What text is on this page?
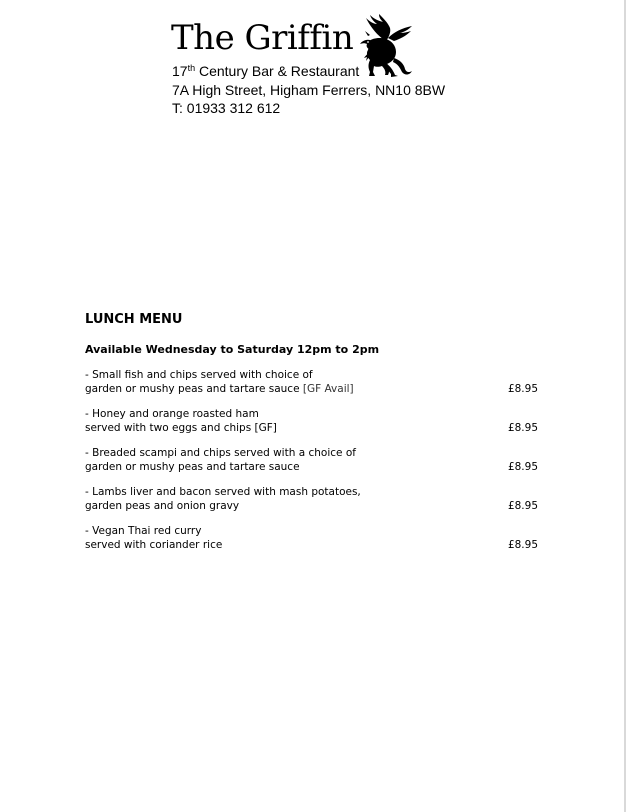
The Griffin
17th Century Bar & Restaurant
7A High Street, Higham Ferrers, NN10 8BW
T: 01933 312 612
LUNCH MENU
Available Wednesday to Saturday 12pm to 2pm
- Small fish and chips served with choice of
garden or mushy peas and tartare sauce [GF Avail]	£8.95
- Honey and orange roasted ham
served with two eggs and chips [GF]	£8.95
- Breaded scampi and chips served with a choice of
garden or mushy peas and tartare sauce	£8.95
- Lambs liver and bacon served with mash potatoes,
garden peas and onion gravy	£8.95
- Vegan Thai red curry
served with coriander rice	£8.95
